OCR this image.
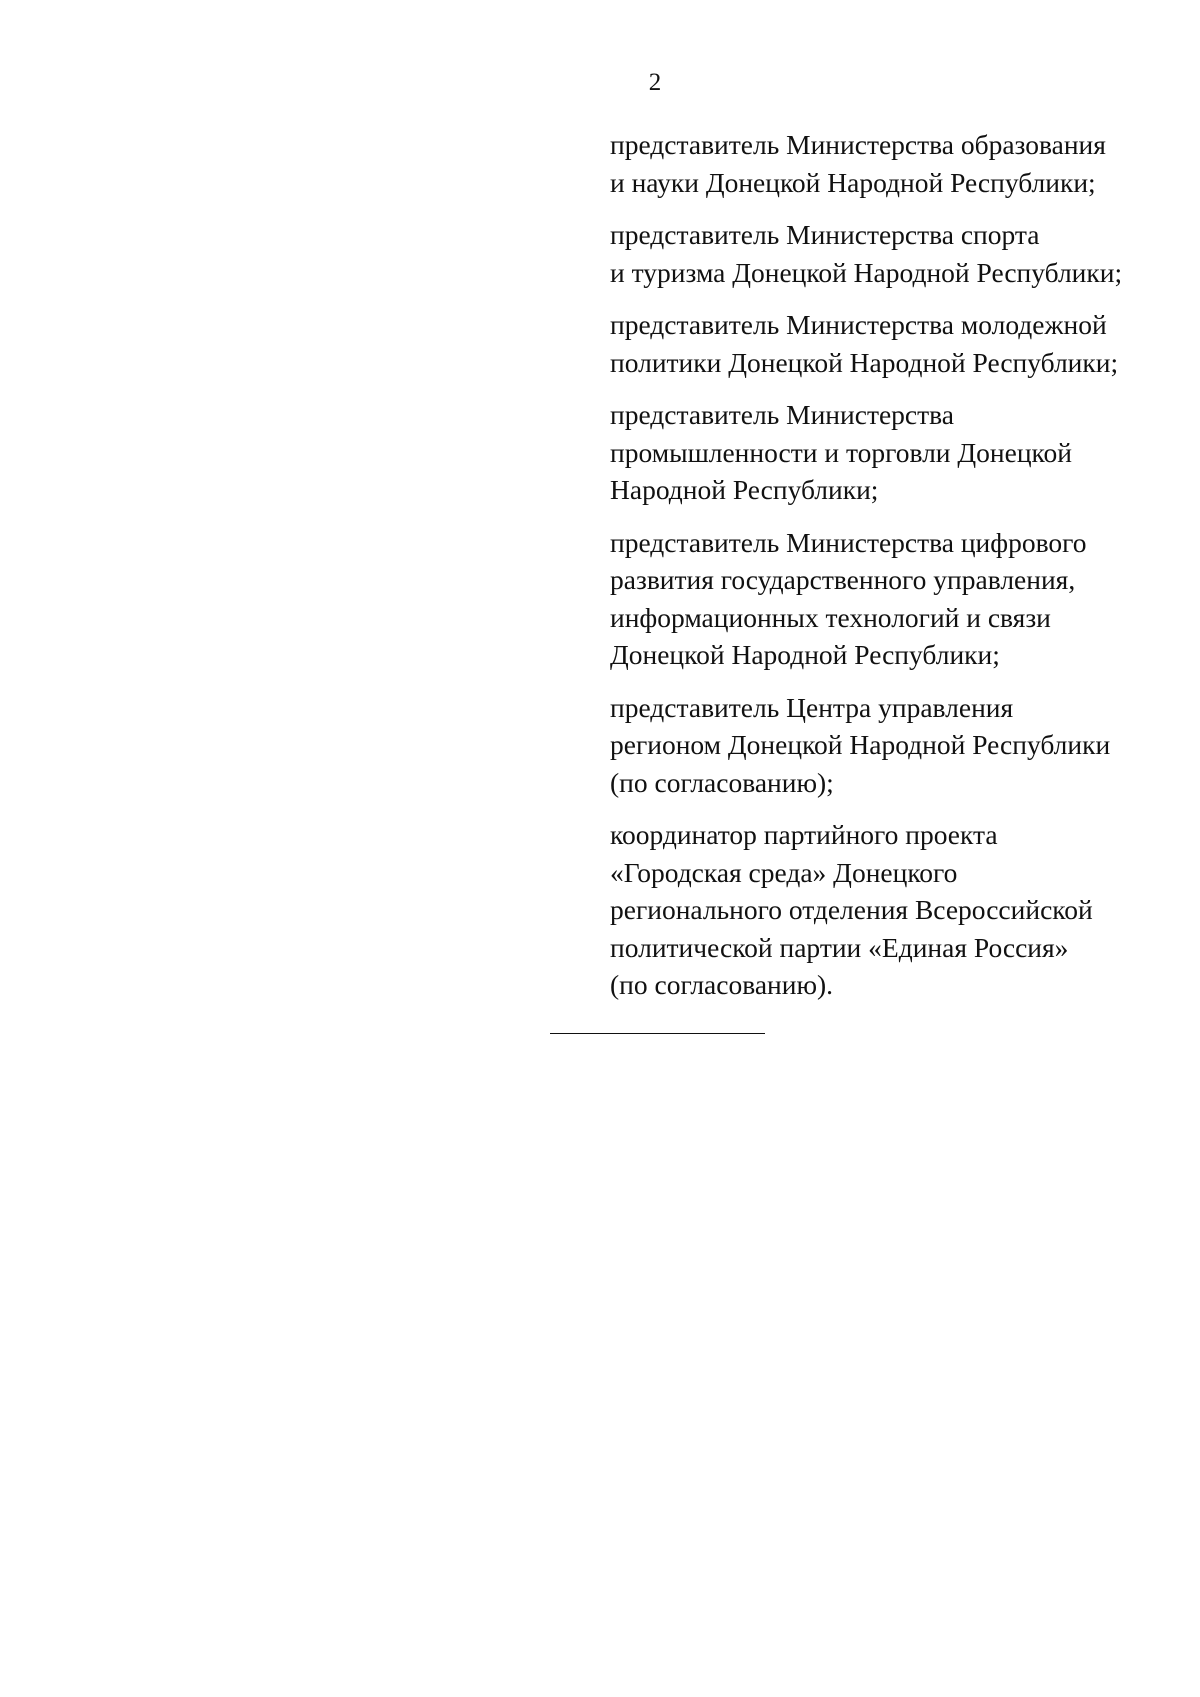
2
представитель Министерства образования
и науки Донецкой Народной Республики;
представитель Министерства спорта
и туризма Донецкой Народной Республики;
представитель Министерства молодежной
политики Донецкой Народной Республики;
представитель Министерства
промышленности и торговли Донецкой
Народной Республики;
представитель Министерства цифрового
развития государственного управления,
информационных технологий и связи
Донецкой Народной Республики;
представитель Центра управления
регионом Донецкой Народной Республики
(по согласованию);
координатор партийного проекта
«Городская среда» Донецкого
регионального отделения Всероссийской
политической партии «Единая Россия»
(по согласованию).
